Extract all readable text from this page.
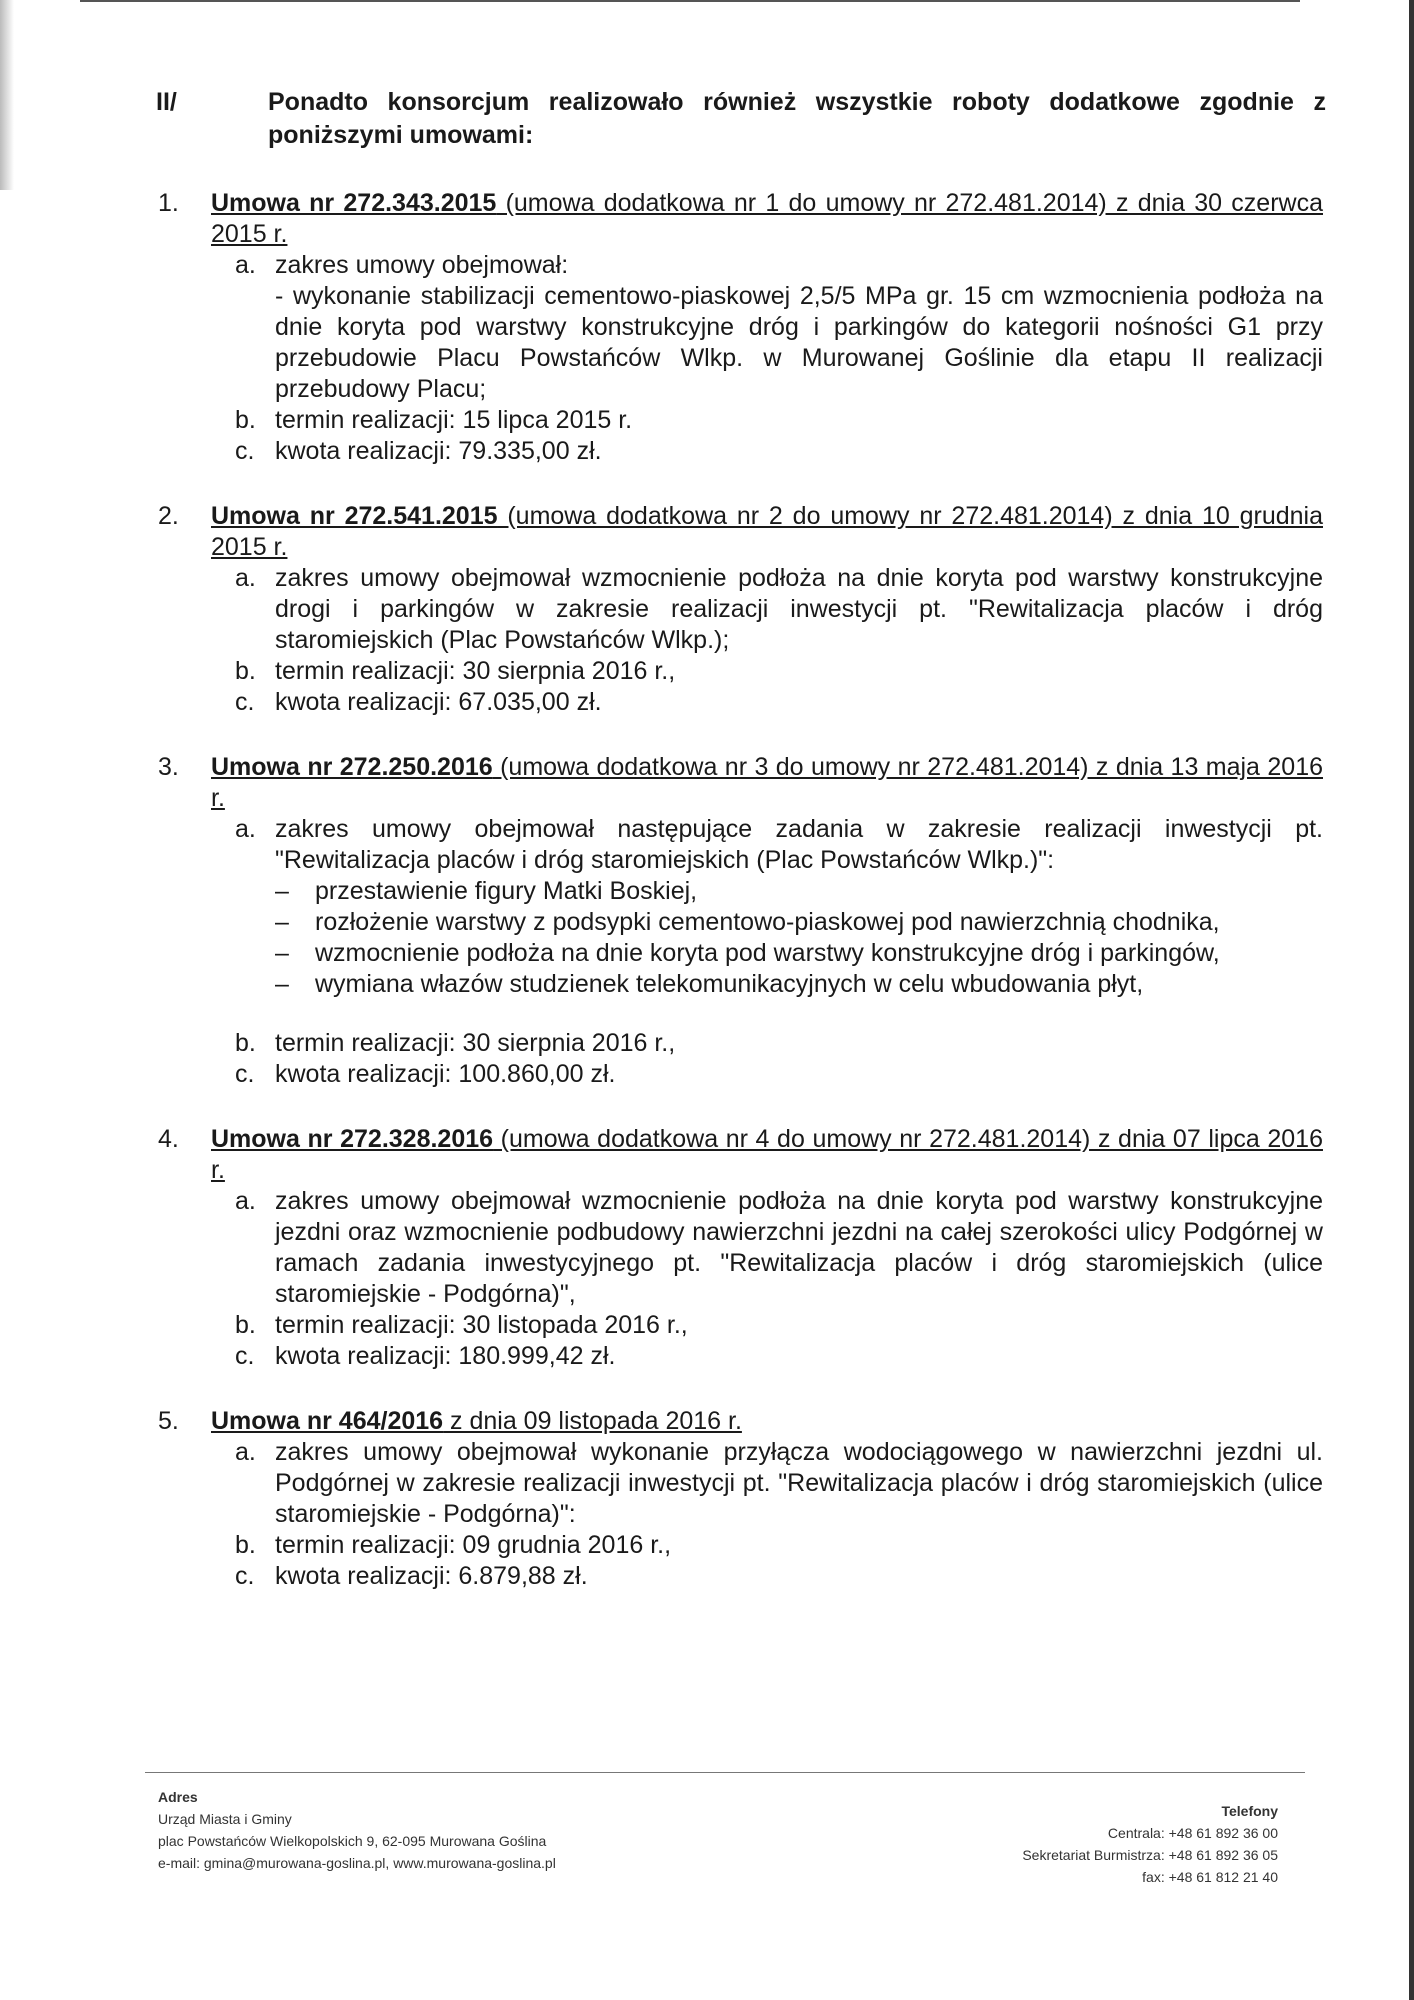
II/	Ponadto konsorcjum realizowało również wszystkie roboty dodatkowe zgodnie z poniższymi umowami:
1.	Umowa nr 272.343.2015 (umowa dodatkowa nr 1 do umowy nr 272.481.2014) z dnia 30 czerwca 2015 r.
a. zakres umowy obejmował:
- wykonanie stabilizacji cementowo-piaskowej 2,5/5 MPa gr. 15 cm wzmocnienia podłoża na dnie koryta pod warstwy konstrukcyjne dróg i parkingów do kategorii nośności G1 przy przebudowie Placu Powstańców Wlkp. w Murowanej Goślinie dla etapu II realizacji przebudowy Placu;
b. termin realizacji: 15 lipca 2015 r.
c. kwota realizacji: 79.335,00 zł.
2.	Umowa nr 272.541.2015 (umowa dodatkowa nr 2 do umowy nr 272.481.2014) z dnia 10 grudnia 2015 r.
a. zakres umowy obejmował wzmocnienie podłoża na dnie koryta pod warstwy konstrukcyjne drogi i parkingów w zakresie realizacji inwestycji pt. "Rewitalizacja placów i dróg staromiejskich (Plac Powstańców Wlkp.);
b. termin realizacji: 30 sierpnia 2016 r.,
c. kwota realizacji: 67.035,00 zł.
3.	Umowa nr 272.250.2016 (umowa dodatkowa nr 3 do umowy nr 272.481.2014) z dnia 13 maja 2016 r.
a. zakres umowy obejmował następujące zadania w zakresie realizacji inwestycji pt. "Rewitalizacja placów i dróg staromiejskich (Plac Powstańców Wlkp.)":
–	przestawienie figury Matki Boskiej,
–	rozłożenie warstwy z podsypki cementowo-piaskowej pod nawierzchnią chodnika,
–	wzmocnienie podłoża na dnie koryta pod warstwy konstrukcyjne dróg i parkingów,
–	wymiana włazów studzienek telekomunikacyjnych w celu wbudowania płyt,
b. termin realizacji: 30 sierpnia 2016 r.,
c. kwota realizacji: 100.860,00 zł.
4.	Umowa nr 272.328.2016 (umowa dodatkowa nr 4 do umowy nr 272.481.2014) z dnia 07 lipca 2016 r.
a. zakres umowy obejmował wzmocnienie podłoża na dnie koryta pod warstwy konstrukcyjne jezdni oraz wzmocnienie podbudowy nawierzchni jezdni na całej szerokości ulicy Podgórnej w ramach zadania inwestycyjnego pt. "Rewitalizacja placów i dróg staromiejskich (ulice staromiejskie - Podgórna)",
b. termin realizacji: 30 listopada 2016 r.,
c. kwota realizacji: 180.999,42 zł.
5.	Umowa nr 464/2016 z dnia 09 listopada 2016 r.
a. zakres umowy obejmował wykonanie przyłącza wodociągowego w nawierzchni jezdni ul. Podgórnej w zakresie realizacji inwestycji pt. "Rewitalizacja placów i dróg staromiejskich (ulice staromiejskie - Podgórna)":
b. termin realizacji: 09 grudnia 2016 r.,
c. kwota realizacji: 6.879,88 zł.
Adres
Urząd Miasta i Gminy
plac Powstańców Wielkopolskich 9, 62-095 Murowana Goślina
e-mail: gmina@murowana-goslina.pl, www.murowana-goslina.pl
Telefony
Centrala: +48 61 892 36 00
Sekretariat Burmistrza: +48 61 892 36 05
fax: +48 61 812 21 40
